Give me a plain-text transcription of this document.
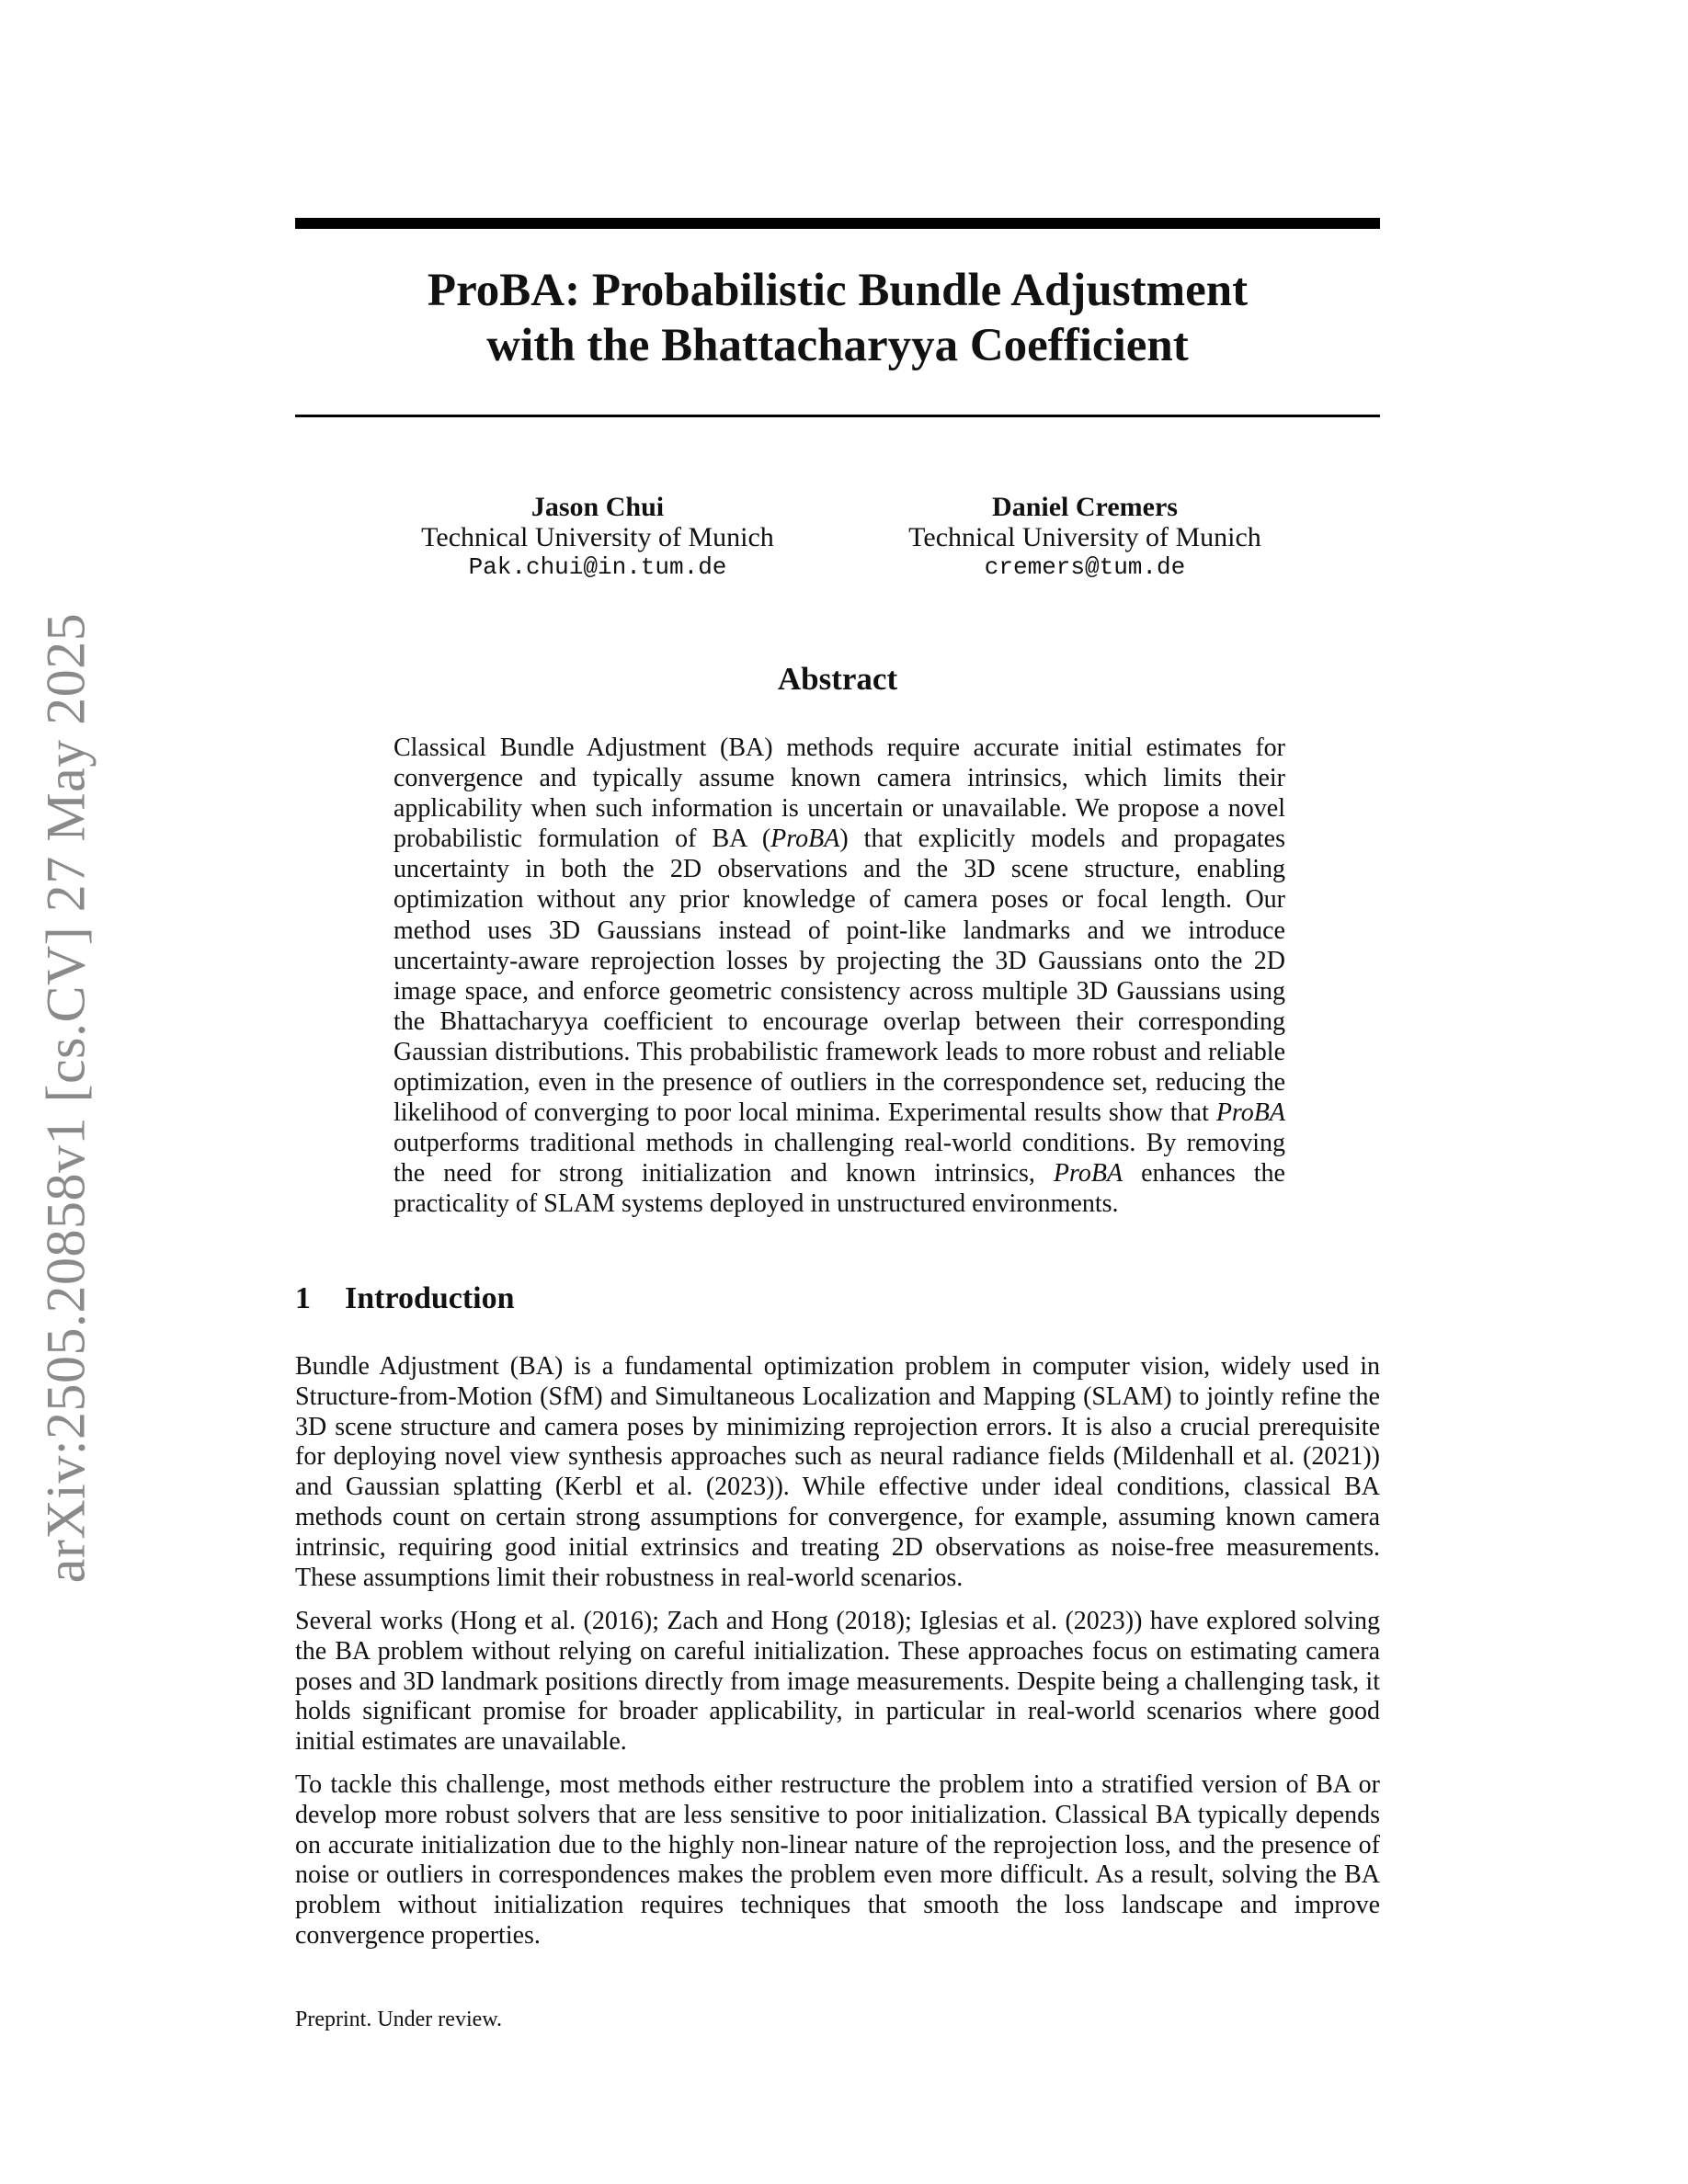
arXiv:2505.20858v1 [cs.CV] 27 May 2025
ProBA: Probabilistic Bundle Adjustment
with the Bhattacharyya Coefficient
Jason Chui
Technical University of Munich
Pak.chui@in.tum.de
Daniel Cremers
Technical University of Munich
cremers@tum.de
Abstract

Classical Bundle Adjustment (BA) methods require accurate initial estimates for convergence and typically assume known camera intrinsics, which limits their applicability when such information is uncertain or unavailable. We propose a novel probabilistic formulation of BA (ProBA) that explicitly models and propagates uncertainty in both the 2D observations and the 3D scene structure, enabling optimization without any prior knowledge of camera poses or focal length. Our method uses 3D Gaussians instead of point-like landmarks and we introduce uncertainty-aware reprojection losses by projecting the 3D Gaussians onto the 2D image space, and enforce geometric consistency across multiple 3D Gaussians using the Bhattacharyya coefficient to encourage overlap between their corresponding Gaussian distributions. This probabilistic framework leads to more robust and reliable optimization, even in the presence of outliers in the correspondence set, reducing the likelihood of converging to poor local minima. Experimental results show that ProBA outperforms traditional methods in challenging real-world conditions. By removing the need for strong initialization and known intrinsics, ProBA enhances the practicality of SLAM systems deployed in unstructured environments.

1 Introduction

Bundle Adjustment (BA) is a fundamental optimization problem in computer vision, widely used in Structure-from-Motion (SfM) and Simultaneous Localization and Mapping (SLAM) to jointly refine the 3D scene structure and camera poses by minimizing reprojection errors. It is also a crucial prerequisite for deploying novel view synthesis approaches such as neural radiance fields (Mildenhall et al. (2021)) and Gaussian splatting (Kerbl et al. (2023)). While effective under ideal conditions, classical BA methods count on certain strong assumptions for convergence, for example, assuming known camera intrinsic, requiring good initial extrinsics and treating 2D observations as noise-free measurements. These assumptions limit their robustness in real-world scenarios.

Several works (Hong et al. (2016); Zach and Hong (2018); Iglesias et al. (2023)) have explored solving the BA problem without relying on careful initialization. These approaches focus on estimating camera poses and 3D landmark positions directly from image measurements. Despite being a challenging task, it holds significant promise for broader applicability, in particular in real-world scenarios where good initial estimates are unavailable.

To tackle this challenge, most methods either restructure the problem into a stratified version of BA or develop more robust solvers that are less sensitive to poor initialization. Classical BA typically depends on accurate initialization due to the highly non-linear nature of the reprojection loss, and the presence of noise or outliers in correspondences makes the problem even more difficult. As a result, solving the BA problem without initialization requires techniques that smooth the loss landscape and improve convergence properties.

Preprint. Under review.
